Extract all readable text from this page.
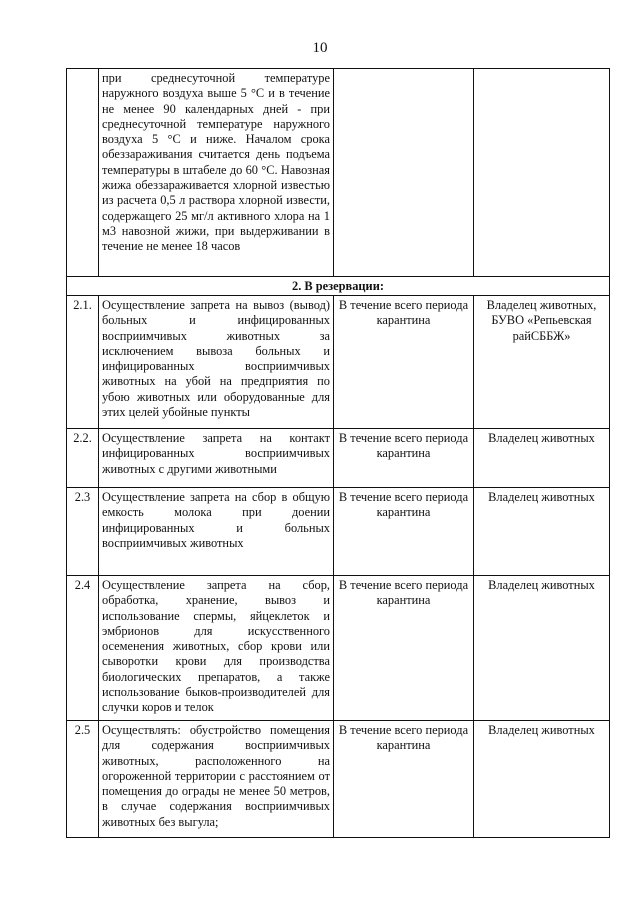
10
	при среднесуточной температуре наружного воздуха выше 5 °С и в течение не менее 90 календарных дней - при среднесуточной температуре наружного воздуха 5 °С и ниже. Началом срока обеззараживания считается день подъема температуры в штабеле до 60 °С. Навозная жижа обеззараживается хлорной известью из расчета 0,5 л раствора хлорной извести, содержащего 25 мг/л активного хлора на 1 м3 навозной жижи, при выдерживании в течение не менее 18 часов		
2. В резервации:			
2.1.	Осуществление запрета на вывоз (вывод) больных и инфицированных восприимчивых животных за исключением вывоза больных и инфицированных восприимчивых животных на убой на предприятия по убою животных или оборудованные для этих целей убойные пункты	В течение всего периода карантина	Владелец животных, БУВО «Репьевская райСББЖ»
2.2.	Осуществление запрета на контакт инфицированных восприимчивых животных с другими животными	В течение всего периода карантина	Владелец животных
2.3	Осуществление запрета на сбор в общую емкость молока при доении инфицированных и больных восприимчивых животных	В течение всего периода карантина	Владелец животных
2.4	Осуществление запрета на сбор, обработка, хранение, вывоз и использование спермы, яйцеклеток и эмбрионов для искусственного осеменения животных, сбор крови или сыворотки крови для производства биологических препаратов, а также использование быков-производителей для случки коров и телок	В течение всего периода карантина	Владелец животных
2.5	Осуществлять: обустройство помещения для содержания восприимчивых животных, расположенного на огороженной территории с расстоянием от помещения до ограды не менее 50 метров, в случае содержания восприимчивых животных без выгула;	В течение всего периода карантина	Владелец животных
